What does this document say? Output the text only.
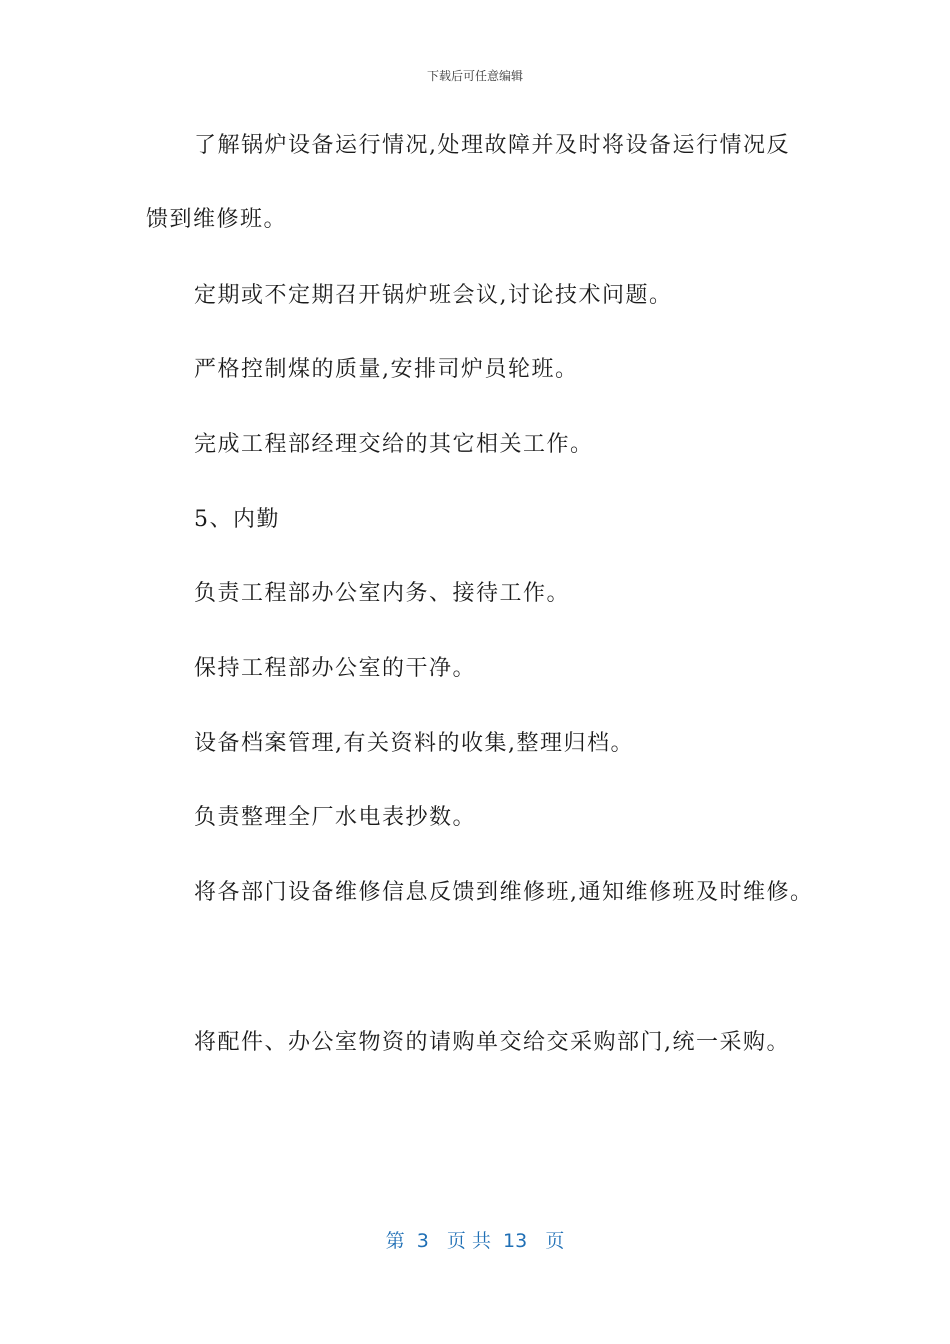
下载后可任意编辑
了解锅炉设备运行情况,处理故障并及时将设备运行情况反
馈到维修班。
定期或不定期召开锅炉班会议,讨论技术问题。
严格控制煤的质量,安排司炉员轮班。
完成工程部经理交给的其它相关工作。
5、内勤
负责工程部办公室内务、接待工作。
保持工程部办公室的干净。
设备档案管理,有关资料的收集,整理归档。
负责整理全厂水电表抄数。
将各部门设备维修信息反馈到维修班,通知维修班及时维修。
将配件、办公室物资的请购单交给交采购部门,统一采购。
第  3   页 共  13   页
